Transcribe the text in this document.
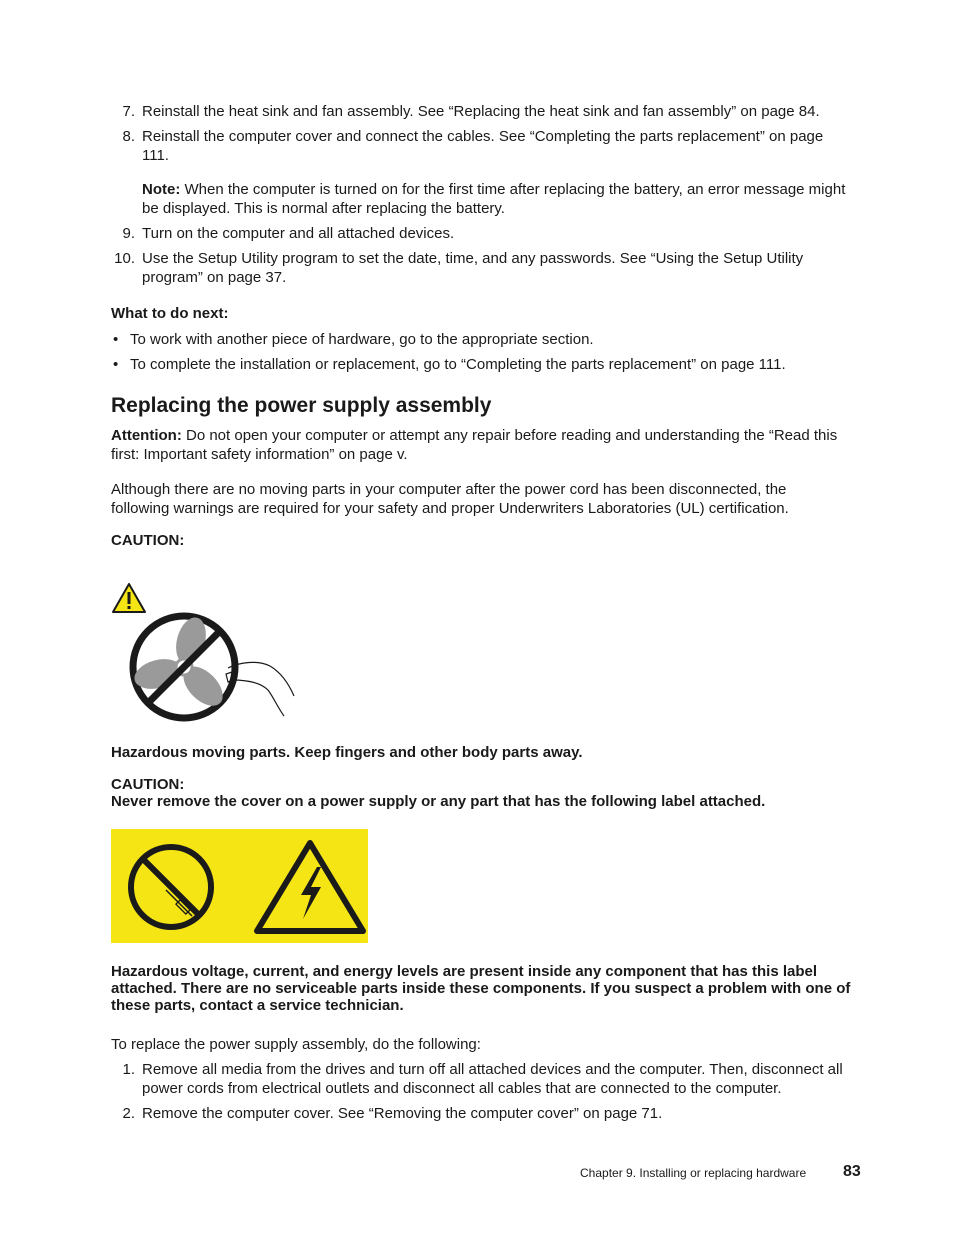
7. Reinstall the heat sink and fan assembly. See “Replacing the heat sink and fan assembly” on page 84.
8. Reinstall the computer cover and connect the cables. See “Completing the parts replacement” on page 111.
Note: When the computer is turned on for the first time after replacing the battery, an error message might be displayed. This is normal after replacing the battery.
9. Turn on the computer and all attached devices.
10. Use the Setup Utility program to set the date, time, and any passwords. See “Using the Setup Utility program” on page 37.
What to do next:
• To work with another piece of hardware, go to the appropriate section.
• To complete the installation or replacement, go to “Completing the parts replacement” on page 111.
Replacing the power supply assembly
Attention: Do not open your computer or attempt any repair before reading and understanding the “Read this first: Important safety information” on page v.
Although there are no moving parts in your computer after the power cord has been disconnected, the following warnings are required for your safety and proper Underwriters Laboratories (UL) certification.
CAUTION:
Hazardous moving parts. Keep fingers and other body parts away.
CAUTION:
Never remove the cover on a power supply or any part that has the following label attached.
Hazardous voltage, current, and energy levels are present inside any component that has this label attached. There are no serviceable parts inside these components. If you suspect a problem with one of these parts, contact a service technician.
To replace the power supply assembly, do the following:
1. Remove all media from the drives and turn off all attached devices and the computer. Then, disconnect all power cords from electrical outlets and disconnect all cables that are connected to the computer.
2. Remove the computer cover. See “Removing the computer cover” on page 71.
Chapter 9. Installing or replacing hardware 83
